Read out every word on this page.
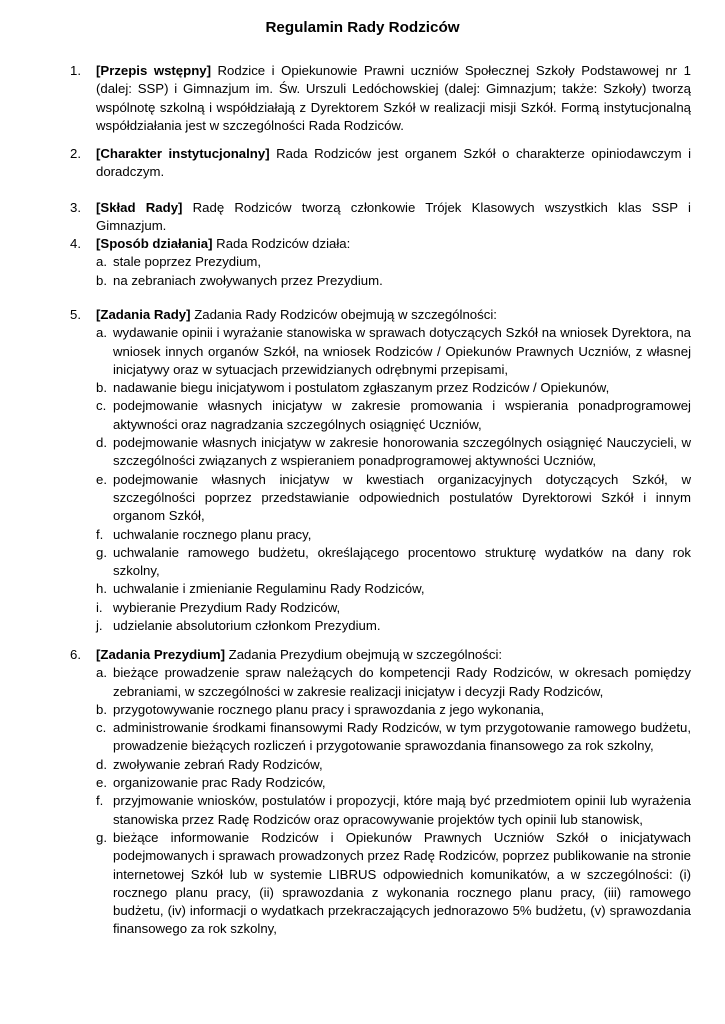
Regulamin Rady Rodziców
1.	[Przepis wstępny] Rodzice i Opiekunowie Prawni uczniów Społecznej Szkoły Podstawowej nr 1 (dalej: SSP) i Gimnazjum im. Św. Urszuli Ledóchowskiej (dalej: Gimnazjum; także: Szkoły) tworzą wspólnotę szkolną i współdziałają z Dyrektorem Szkół w realizacji misji Szkół. Formą instytucjonalną współdziałania jest w szczególności Rada Rodziców.
2.	[Charakter instytucjonalny] Rada Rodziców jest organem Szkół o charakterze opiniodawczym i doradczym.
3.	[Skład Rady] Radę Rodziców tworzą członkowie Trójek Klasowych wszystkich klas SSP i Gimnazjum.
4.	[Sposób działania] Rada Rodziców działa:
a. stale poprzez Prezydium,
b. na zebraniach zwoływanych przez Prezydium.
5.	[Zadania Rady] Zadania Rady Rodziców obejmują w szczególności:
a. wydawanie opinii i wyrażanie stanowiska w sprawach dotyczących Szkół na wniosek Dyrektora, na wniosek innych organów Szkół, na wniosek Rodziców / Opiekunów Prawnych Uczniów, z własnej inicjatywy oraz w sytuacjach przewidzianych odrębnymi przepisami,
b. nadawanie biegu inicjatywom i postulatom zgłaszanym przez Rodziców / Opiekunów,
c. podejmowanie własnych inicjatyw w zakresie promowania i wspierania ponadprogramowej aktywności oraz nagradzania szczególnych osiągnięć Uczniów,
d. podejmowanie własnych inicjatyw w zakresie honorowania szczególnych osiągnięć Nauczycieli, w szczególności związanych z wspieraniem ponadprogramowej aktywności Uczniów,
e. podejmowanie własnych inicjatyw w kwestiach organizacyjnych dotyczących Szkół, w szczególności poprzez przedstawianie odpowiednich postulatów Dyrektorowi Szkół i innym organom Szkół,
f. uchwalanie rocznego planu pracy,
g. uchwalanie ramowego budżetu, określającego procentowo strukturę wydatków na dany rok szkolny,
h. uchwalanie i zmienianie Regulaminu Rady Rodziców,
i. wybieranie Prezydium Rady Rodziców,
j. udzielanie absolutorium członkom Prezydium.
6.	[Zadania Prezydium] Zadania Prezydium obejmują w szczególności:
a. bieżące prowadzenie spraw należących do kompetencji Rady Rodziców, w okresach pomiędzy zebraniami, w szczególności w zakresie realizacji inicjatyw i decyzji Rady Rodziców,
b. przygotowywanie rocznego planu pracy i sprawozdania z jego wykonania,
c. administrowanie środkami finansowymi Rady Rodziców, w tym przygotowanie ramowego budżetu, prowadzenie bieżących rozliczeń i przygotowanie sprawozdania finansowego za rok szkolny,
d. zwoływanie zebrań Rady Rodziców,
e. organizowanie prac Rady Rodziców,
f. przyjmowanie wniosków, postulatów i propozycji, które mają być przedmiotem opinii lub wyrażenia stanowiska przez Radę Rodziców oraz opracowywanie projektów tych opinii lub stanowisk,
g. bieżące informowanie Rodziców i Opiekunów Prawnych Uczniów Szkół o inicjatywach podejmowanych i sprawach prowadzonych przez Radę Rodziców, poprzez publikowanie na stronie internetowej Szkół lub w systemie LIBRUS odpowiednich komunikatów, a w szczególności: (i) rocznego planu pracy, (ii) sprawozdania z wykonania rocznego planu pracy, (iii) ramowego budżetu, (iv) informacji o wydatkach przekraczających jednorazowo 5% budżetu, (v) sprawozdania finansowego za rok szkolny,
